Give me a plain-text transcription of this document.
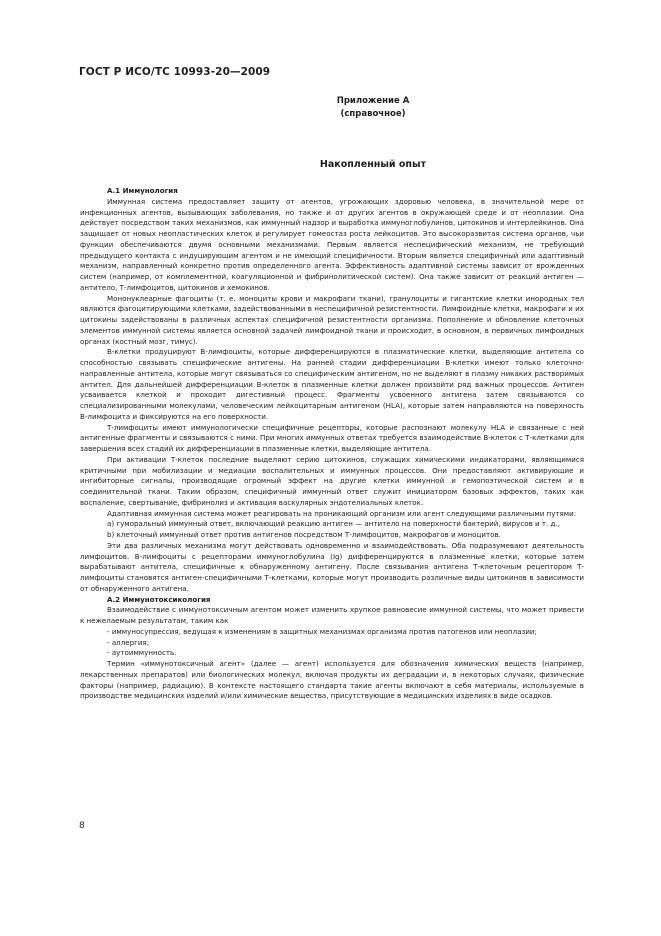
ГОСТ Р ИСО/ТС 10993-20—2009
Приложение А
(справочное)
Накопленный опыт

А.1 Иммунология

Иммунная система предоставляет защиту от агентов, угрожающих здоровью человека, в значительной мере от инфекционных агентов, вызывающих заболевания, но также и от других агентов в окружающей среде и от неоплазии. Она действует посредством таких механизмов, как иммунный надзор и выработка иммуноглобулинов, цитокинов и интерлейкинов. Она защищает от новых неопластических клеток и регулирует гомеостаз роста лейкоцитов. Это высокоразвитая система органов, чьи функции обеспечиваются двумя основными механизмами. Первым является неспецифический механизм, не требующий предыдущего контакта с индуцирующим агентом и не имеющий специфичности. Вторым является специфичный или адаптивный механизм, направленный конкретно против определенного агента. Эффективность адаптивной системы зависит от врожденных систем (например, от комплементной, коагуляционной и фибринолитической систем). Она также зависит от реакций антиген — антитело, Т-лимфоцитов, цитокинов и хемокинов.

Мононуклеарные фагоциты (т. е. моноциты крови и макрофаги ткани), гранулоциты и гигантские клетки инородных тел являются фагоцитирующими клетками, задействованными в неспецифичной резистентности. Лимфоидные клетки, макрофаги и их цитокины задействованы в различных аспектах специфичной резистентности организма. Пополнение и обновление клеточных элементов иммунной системы является основной задачей лимфоидной ткани и происходит, в основном, в первичных лимфоидных органах (костный мозг, тимус).

В-клетки продуцируют В-лимфоциты, которые дифференцируются в плазматические клетки, выделяющие антитела со способностью связывать специфические антигены. На ранней стадии дифференциации В-клетки имеют только клеточно-направленные антитела, которые могут связываться со специфическим антигеном, но не выделяют в плазму никаких растворимых антител. Для дальнейшей дифференциации В-клеток в плазменные клетки должен произойти ряд важных процессов. Антиген усваивается клеткой и проходит дигестивный процесс. Фрагменты усвоенного антигена затем связываются со специализированными молекулами, человеческим лейкоцитарным антигеном (HLA), которые затем направляются на поверхность В-лимфоцита и фиксируются на его поверхности.

Т-лимфоциты имеют иммунологически специфичные рецепторы, которые распознают молекулу HLA и связанные с ней антигенные фрагменты и связываются с ними. При многих иммунных ответах требуется взаимодействие В-клеток с Т-клетками для завершения всех стадий их дифференциации в плазменные клетки, выделяющие антитела.

При активации Т-клеток последние выделяют серию цитокинов, служащих химическими индикаторами, являющимися критичными при мобилизации и медиации воспалительных и иммунных процессов. Они предоставляют активирующие и ингибиторные сигналы, производящие огромный эффект на другие клетки иммунной и гемопоэтической систем и в соединительной ткани. Таким образом, специфичный иммунный ответ служит инициатором базовых эффектов, таких как воспаление, свертывание, фибринолиз и активация васкулярных эндотелиальных клеток.

Адаптивная иммунная система может реагировать на проникающий организм или агент следующими различными путями:

а) гуморальный иммунный ответ, включающий реакцию антиген — антитело на поверхности бактерий, вирусов и т. д.,

b) клеточный иммунный ответ против антигенов посредством Т-лимфоцитов, макрофагов и моноцитов.

Эти два различных механизма могут действовать одновременно и взаимодействовать. Оба подразумевают деятельность лимфоцитов. В-лимфоциты с рецепторами иммуноглобулина (Ig) дифференцируются в плазменные клетки, которые затем вырабатывают антитела, специфичные к обнаруженному антигену. После связывания антигена Т-клеточным рецептором Т-лимфоциты становятся антиген-специфичными Т-клетками, которые могут производить различные виды цитокинов в зависимости от обнаруженного антигена.

А.2 Иммунотоксикология

Взаимодействие с иммунотоксичным агентом может изменить хрупкое равновесие иммунной системы, что может привести к нежелаемым результатам, таким как

- иммуносупрессия, ведущая к изменениям в защитных механизмах организма против патогенов или неоплазии;

- аллергия;

- аутоиммунность.

Термин «иммунотоксичный агент» (далее — агент) используется для обозначения химических веществ (например, лекарственных препаратов) или биологических молекул, включая продукты их деградации и, в некоторых случаях, физические факторы (например, радиацию). В контексте настоящего стандарта такие агенты включают в себя материалы, используемые в производстве медицинских изделий и/или химические вещества, присутствующие в медицинских изделиях в виде осадков.

8
